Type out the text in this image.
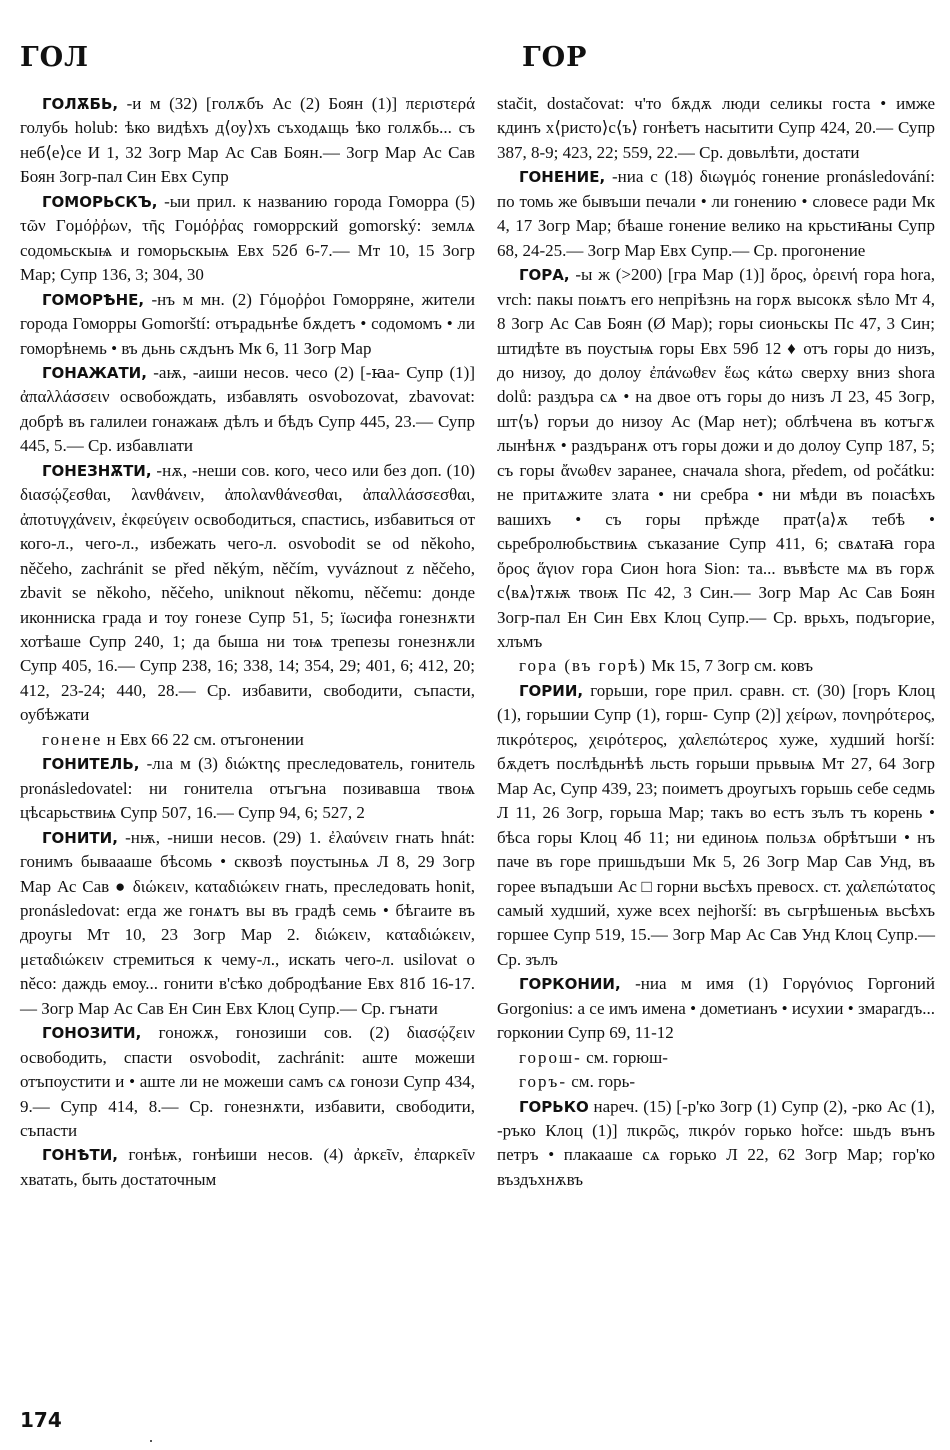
ГОЛ	ГОР

ГОЛѪБЬ, -и м (32) [голѫбъ Ас (2) Боян (1)] περιστερά голубь holub: ѣко видѣхъ д⟨оу⟩хъ съходѧщь ѣко голѫбь... съ неб⟨е⟩се И 1, 32 Зогр Мар Ас Сав Боян.— Зогр Мар Ас Сав Боян Зогр-пал Син Евх Супр

ГОМОРЬСКЪ, -ыи прил. к названию города Гоморра (5) τῶν Γομόῤῥων, τῆς Γομόῤῥας гоморрский gomorský: землѧ содомьскыѩ и гоморьскыѩ Евх 52б 6-7.— Мт 10, 15 Зогр Мар; Супр 136, 3; 304, 30

ГОМОРѢНЕ, -нъ м мн. (2) Γόμοῤῥοι Гоморряне, жители города Гоморры Gomorští: отърадьнѣе бѫдетъ • содомомъ • ли гоморѣнемь • въ дьнь сѫдънъ Мк 6, 11 Зогр Мар

ГОНАЖАТИ, -аѭ, -аиши несов. чесо (2) [-ꙗа- Супр (1)] ἀπαλλάσσειν освобождать, избавлять osvobozovat, zbavovat: добрѣ въ галилеи гонажаѭ дѣлъ и бѣдъ Супр 445, 23.— Супр 445, 5.— Ср. избавлıати

ГОНЕЗНѪТИ, -нѫ, -неши сов. кого, чесо или без доп. (10) διασῴζεσθαι, λανθάνειν, ἀπολανθάνεσθαι, ἀπαλλάσσεσθαι, ἀποτυγχάνειν, ἐκφεύγειν освободиться, спастись, избавиться от кого-л., чего-л., избежать чего-л. osvobodit se od někoho, něčeho, zachránit se před někým, něčím, vyváznout z něčeho, zbavit se někoho, něčeho, uniknout někomu, něčemu: донде иконниска града и тоу гонезе Супр 51, 5; їωсифа гонезнѫти хотѣаше Супр 240, 1; да быша ни тоѩ трепезы гонезнѫли Супр 405, 16.— Супр 238, 16; 338, 14; 354, 29; 401, 6; 412, 20; 412, 23-24; 440, 28.— Ср. избавити, свободити, съпасти, оубѣжати

гонене н Евх 66 22 см. отъгонении

ГОНИТЕЛЬ, -лıа м (3) διώκτης преследователь, гонитель pronásledovatel: ни гонителıа отъгъна позивавша твоѩ цѣсарьствиѩ Супр 507, 16.— Супр 94, 6; 527, 2

ГОНИТИ, -нѭ, -ниши несов. (29) 1. ἐλαύνειν гнать hnát: гонимъ бываааше бѣсомь • сквозѣ поустыньѧ Л 8, 29 Зогр Мар Ас Сав ● διώκειν, καταδιώκειν гнать, преследовать honit, pronásledovat: егда же гонѧтъ вы въ градѣ семь • бѣгаите въ дроугы Мт 10, 23 Зогр Мар 2. διώκειν, καταδιώκειν, μεταδιώκειν стремиться к чему-л., искать чего-л. usilovat o něco: даждь емоу... гонити в'сѣко добродѣание Евх 81б 16-17.— Зогр Мар Ас Сав Ен Син Евх Клоц Супр.— Ср. гънати

ГОНОЗИТИ, гоножѫ, гонозиши сов. (2) διασῴζειν освободить, спасти osvobodit, zachránit: аште можеши отъпоустити и • аште ли не можеши самъ сѧ гонози Супр 434, 9.— Супр 414, 8.— Ср. гонезнѫти, избавити, свободити, съпасти

ГОНѢТИ, гонѣѭ, гонѣиши несов. (4) ἀρκεῖν, ἐπαρκεῖν хватать, быть достаточным

stačit, dostačovat: ч'то бѫдѫ люди селикы госта • имже кдинъ х⟨ристо⟩с⟨ъ⟩ гонѣетъ насытити Супр 424, 20.— Супр 387, 8-9; 423, 22; 559, 22.— Ср. довьлѣти, достати

ГОНЕНИЕ, -ниа с (18) διωγμός гонение pronásledování: по томь же бывъши печали • ли гонению • словесе ради Мк 4, 17 Зогр Мар; бѣаше гонение велико на крьстиꙗны Супр 68, 24-25.— Зогр Мар Евх Супр.— Ср. прогонение

ГОРА, -ы ж (>200) [гра Мар (1)] ὄρος, ὀρεινή гора hora, vrch: пакы поѩтъ его непрiѣзнь на горѫ высокѫ ѕѣло Мт 4, 8 Зогр Ас Сав Боян (Ø Мар); горы сионьскы Пс 47, 3 Син; штидѣте въ поустыѩ горы Евх 59б 12 ♦ отъ горы до низъ, до низоу, до долоу ἐπάνωθεν ἕως κάτω сверху вниз shora dolů: раздъра сѧ • на двое отъ горы до низъ Л 23, 45 Зогр, шт⟨ъ⟩ горъи до низоу Ас (Мар нет); облѣчена въ котъгѫ лынѣнѫ • раздъранѫ отъ горы дожи и до долоу Супр 187, 5; съ горы ἄνωθεν заранее, сначала shora, předem, od počátku: не притѧжите злата • ни сребра • ни мѣди въ поıасѣхъ вашихъ • съ горы прѣжде прат⟨а⟩ѫ тебѣ • сьребролюбьствиѩ съказание Супр 411, 6; свѧтаꙗ гора ὄρος ἅγιον гора Сион hora Sion: та... въвѣсте мѧ въ горѫ с⟨вѧ⟩тѫѭ твоѭ Пс 42, 3 Син.— Зогр Мар Ас Сав Боян Зогр-пал Ен Син Евх Клоц Супр.— Ср. врьхъ, подъгорие, хлъмъ

гора (въ горѣ) Мк 15, 7 Зогр см. ковъ

ГОРИИ, горьши, горе прил. сравн. ст. (30) [горъ Клоц (1), горьшии Супр (1), горш- Супр (2)] χείρων, πονηρότερος, πικρότερος, χειρότερος, χαλεπώτερος хуже, худший horší: бѫдетъ послѣдьнѣѣ льсть горьши прьвыѩ Мт 27, 64 Зогр Мар Ас, Супр 439, 23; поиметъ дроугыхъ горьшь себе седмь Л 11, 26 Зогр, горьша Мар; такъ во естъ зълъ тъ корень • бѣса горы Клоц 4б 11; ни единоѩ пользѧ обрѣтъши • нъ паче въ горе пришьдъши Мк 5, 26 Зогр Мар Сав Унд, въ горее въпадъши Ас □ горни вьсѣхъ превосх. ст. χαλεπώτατος самый худший, хуже всех nejhorší: въ сьгрѣшеньѩ вьсѣхъ горшее Супр 519, 15.— Зогр Мар Ас Сав Унд Клоц Супр.— Ср. зълъ

ГОРКОНИИ, -ниа м имя (1) Γοργόνιος Горгоний Gorgonius: а се имъ имена • дометианъ • исухии • змарагдъ... горконии Супр 69, 11-12

горош- см. горюш-

горъ- см. горь-

ГОРЬКО нареч. (15) [-р'ко Зогр (1) Супр (2), -рко Ас (1), -ръко Клоц (1)] πικρῶς, πικρόν горько hořce: шьдъ вънъ петръ • плакааше сѧ горько Л 22, 62 Зогр Мар; гор'ко въздъхнѫвъ

174
